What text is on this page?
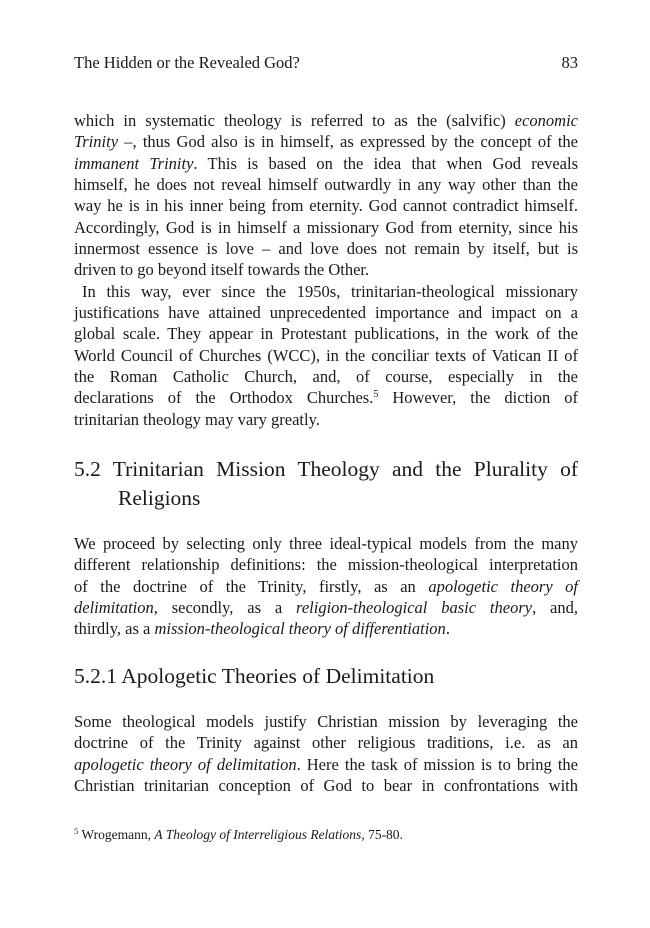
The Hidden or the Revealed God?	83
which in systematic theology is referred to as the (salvific) economic
Trinity –, thus God also is in himself, as expressed by the concept of the
immanent Trinity. This is based on the idea that when God reveals
himself, he does not reveal himself outwardly in any way other than the
way he is in his inner being from eternity. God cannot contradict himself.
Accordingly, God is in himself a missionary God from eternity, since his
innermost essence is love – and love does not remain by itself, but is
driven to go beyond itself towards the Other.
In this way, ever since the 1950s, trinitarian-theological missionary
justifications have attained unprecedented importance and impact on a
global scale. They appear in Protestant publications, in the work of the
World Council of Churches (WCC), in the conciliar texts of Vatican II of
the Roman Catholic Church, and, of course, especially in the
declarations of the Orthodox Churches.$^5$ However, the diction of
trinitarian theology may vary greatly.
5.2 Trinitarian Mission Theology and the Plurality of
Religions
We proceed by selecting only three ideal-typical models from the many
different relationship definitions: the mission-theological interpretation
of the doctrine of the Trinity, firstly, as an apologetic theory of
delimitation, secondly, as a religion-theological basic theory, and,
thirdly, as a mission-theological theory of differentiation.
5.2.1 Apologetic Theories of Delimitation
Some theological models justify Christian mission by leveraging the
doctrine of the Trinity against other religious traditions, i.e. as an
apologetic theory of delimitation. Here the task of mission is to bring the
Christian trinitarian conception of God to bear in confrontations with
$^5$ Wrogemann, A Theology of Interreligious Relations, 75-80.
